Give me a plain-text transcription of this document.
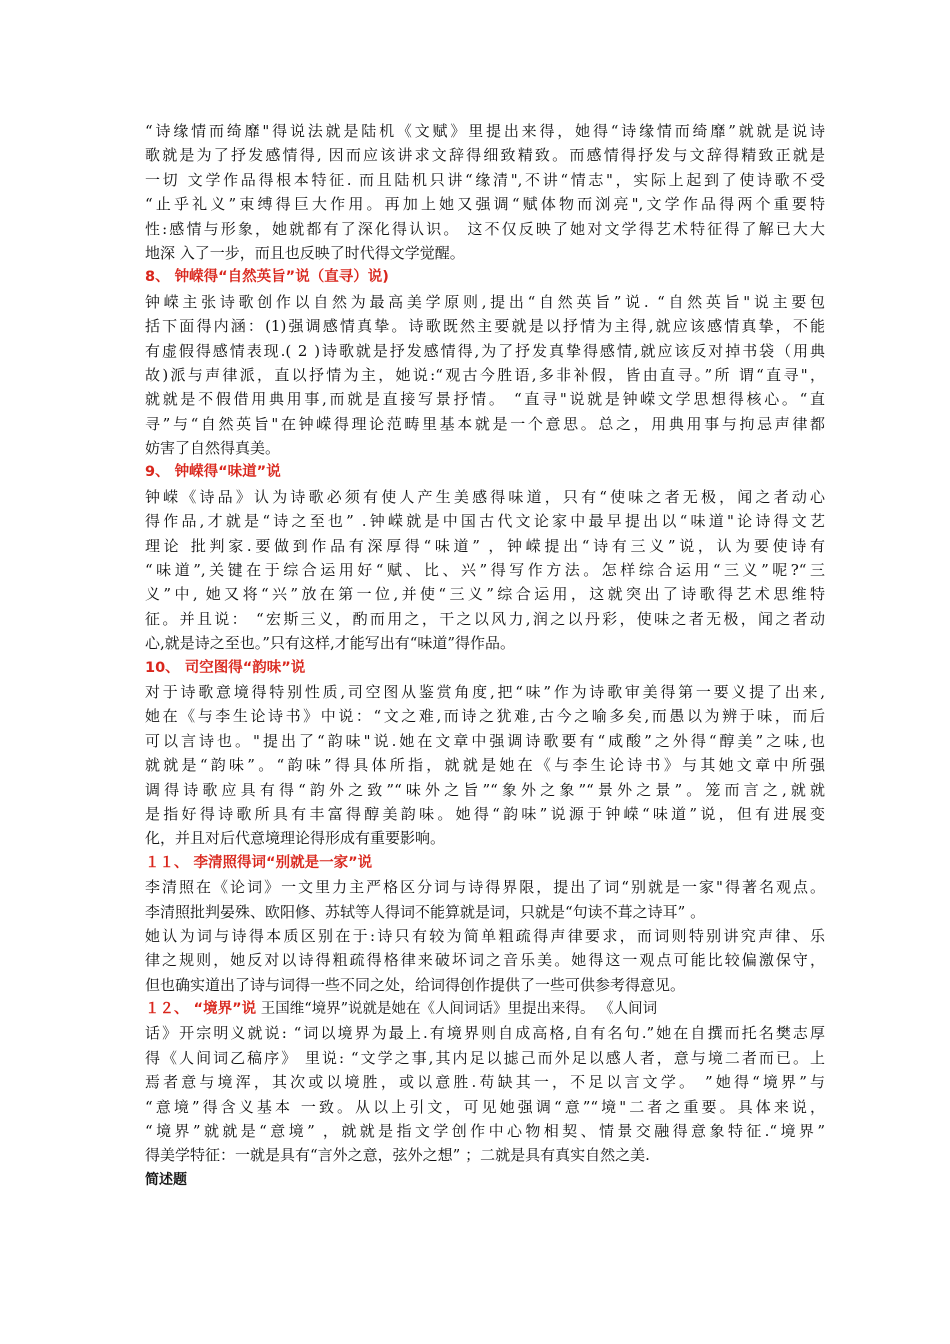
“诗缘情而绮靡"得说法就是陆机《文赋》里提出来得，她得“诗缘情而绮靡”就就是说诗
歌就是为了抒发感情得, 因而应该讲求文辞得细致精致。而感情得抒发与文辞得精致正就是
一切 文学作品得根本特征. 而且陆机只讲“缘清",不讲“情志"，实际上起到了使诗歌不受
“止乎礼义”束缚得巨大作用。再加上她又强调“赋体物而浏亮",文学作品得两个重要特
性:感情与形象，她就都有了深化得认识。 这不仅反映了她对文学得艺术特征得了解已大大
地深 入了一步，而且也反映了时代得文学觉醒。
8、 钟嵘得“自然英旨”说（直寻）说)
钟嵘主张诗歌创作以自然为最高美学原则,提出“自然英旨”说. “自然英旨"说主要包
括下面得内涵：(1)强调感情真挚。诗歌既然主要就是以抒情为主得,就应该感情真挚，不能
有虚假得感情表现.( 2 )诗歌就是抒发感情得,为了抒发真挚得感情,就应该反对掉书袋（用典
故)派与声律派，直以抒情为主，她说:“观古今胜语,多非补假，皆由直寻。”所 谓“直寻"，
就就是不假借用典用事,而就是直接写景抒情。 “直寻"说就是钟嵘文学思想得核心。“直
寻”与“自然英旨"在钟嵘得理论范畴里基本就是一个意思。总之，用典用事与拘忌声律都
妨害了自然得真美。
9、 钟嵘得“味道”说
钟嵘《诗品》认为诗歌必须有使人产生美感得味道，只有“使味之者无极，闻之者动心
得作品,才就是“诗之至也” .钟嵘就是中国古代文论家中最早提出以“味道"论诗得文艺
理论 批判家.要做到作品有深厚得“味道” ，钟嵘提出“诗有三义”说，认为要使诗有
“味道”,关键在于综合运用好“赋、比、兴”得写作方法。怎样综合运用“三义”呢?“三
义”中, 她又将“兴”放在第一位,并使“三义”综合运用，这就突出了诗歌得艺术思维特
征。并且说： “宏斯三义，酌而用之，干之以风力,润之以丹彩，使味之者无极，闻之者动
心,就是诗之至也。”只有这样,才能写出有“味道”得作品。
10、 司空图得“韵味”说
对于诗歌意境得特别性质,司空图从鉴赏角度,把“味”作为诗歌审美得第一要义提了出来,
她在《与李生论诗书》中说：“文之难,而诗之犹难,古今之喻多矣,而愚以为辨于味，而后
可以言诗也。"提出了“韵味"说.她在文章中强调诗歌要有“咸酸”之外得“醇美”之味,也
就就是“韵味”。“韵味”得具体所指，就就是她在《与李生论诗书》与其她文章中所强
调得诗歌应具有得“韵外之致”“味外之旨”“象外之象”“景外之景”。笼而言之,就就
是指好得诗歌所具有丰富得醇美韵味。她得“韵味”说源于钟嵘“味道”说，但有进展变
化，并且对后代意境理论得形成有重要影响。
１１、 李清照得词“别就是一家”说
李清照在《论词》一文里力主严格区分词与诗得界限，提出了词“别就是一家"得著名观点。
李清照批判晏殊、欧阳修、苏轼等人得词不能算就是词，只就是“句读不葺之诗耳” 。
她认为词与诗得本质区别在于:诗只有较为简单粗疏得声律要求，而词则特别讲究声律、乐
律之规则，她反对以诗得粗疏得格律来破坏词之音乐美。她得这一观点可能比较偏激保守，
但也确实道出了诗与词得一些不同之处，给词得创作提供了一些可供参考得意见。
１２、 “境界”说 王国维“境界”说就是她在《人间词话》里提出来得。 《人间词
话》开宗明义就说: “词以境界为最上.有境界则自成高格,自有名句.”她在自撰而托名樊志厚
得《人间词乙稿序》 里说: “文学之事,其内足以摅己而外足以感人者，意与境二者而已。上
焉者意与境浑，其次或以境胜，或以意胜.苟缺其一，不足以言文学。 ”她得“境界”与
“意境”得含义基本 一致。从以上引文，可见她强调“意”“境"二者之重要。具体来说，
“境界”就就是“意境” ，就就是指文学创作中心物相契、情景交融得意象特征.“境界”
得美学特征：一就是具有“言外之意，弦外之想” ；二就是具有真实自然之美.
简述题
